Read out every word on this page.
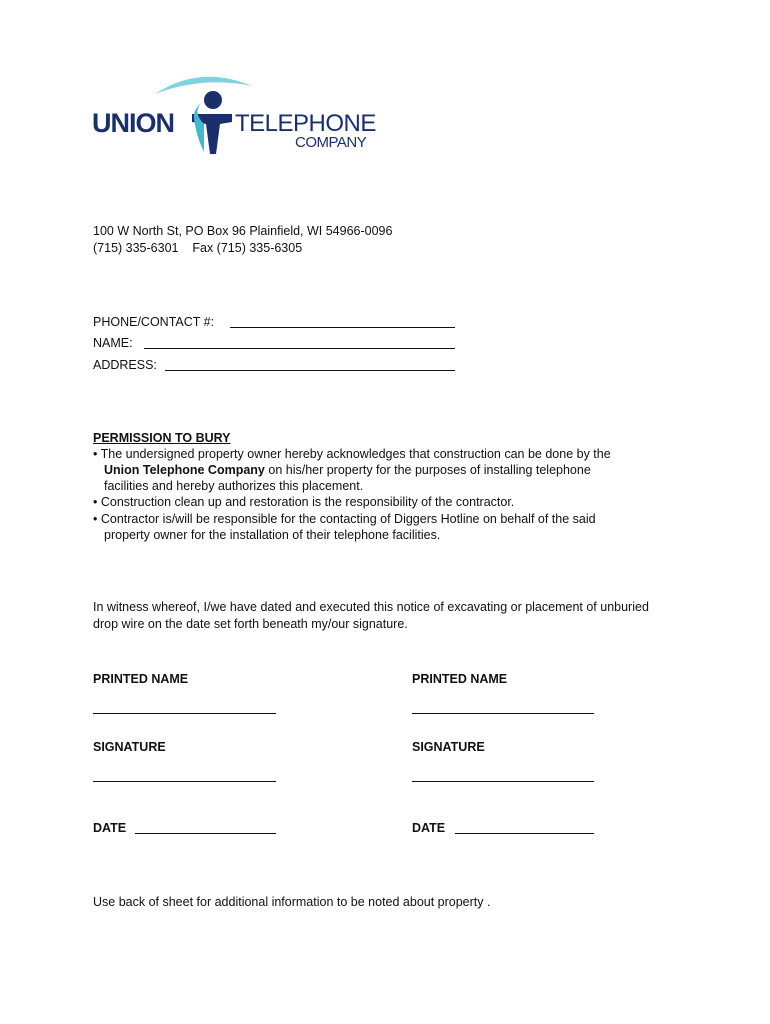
UNION	TELEPHONE
COMPANY
100 W North St, PO Box 96 Plainfield, WI 54966-0096
(715) 335-6301    Fax (715) 335-6305
PHONE/CONTACT #:
NAME:
ADDRESS:
PERMISSION TO BURY
• The undersigned property owner hereby acknowledges that construction can be done by the
Union Telephone Company on his/her property for the purposes of installing telephone
facilities and hereby authorizes this placement.
• Construction clean up and restoration is the responsibility of the contractor.
• Contractor is/will be responsible for the contacting of Diggers Hotline on behalf of the said
property owner for the installation of their telephone facilities.
In witness whereof, I/we have dated and executed this notice of excavating or placement of unburied
drop wire on the date set forth beneath my/our signature.
PRINTED NAME
SIGNATURE
DATE
PRINTED NAME
SIGNATURE
DATE
Use back of sheet for additional information to be noted about property .
